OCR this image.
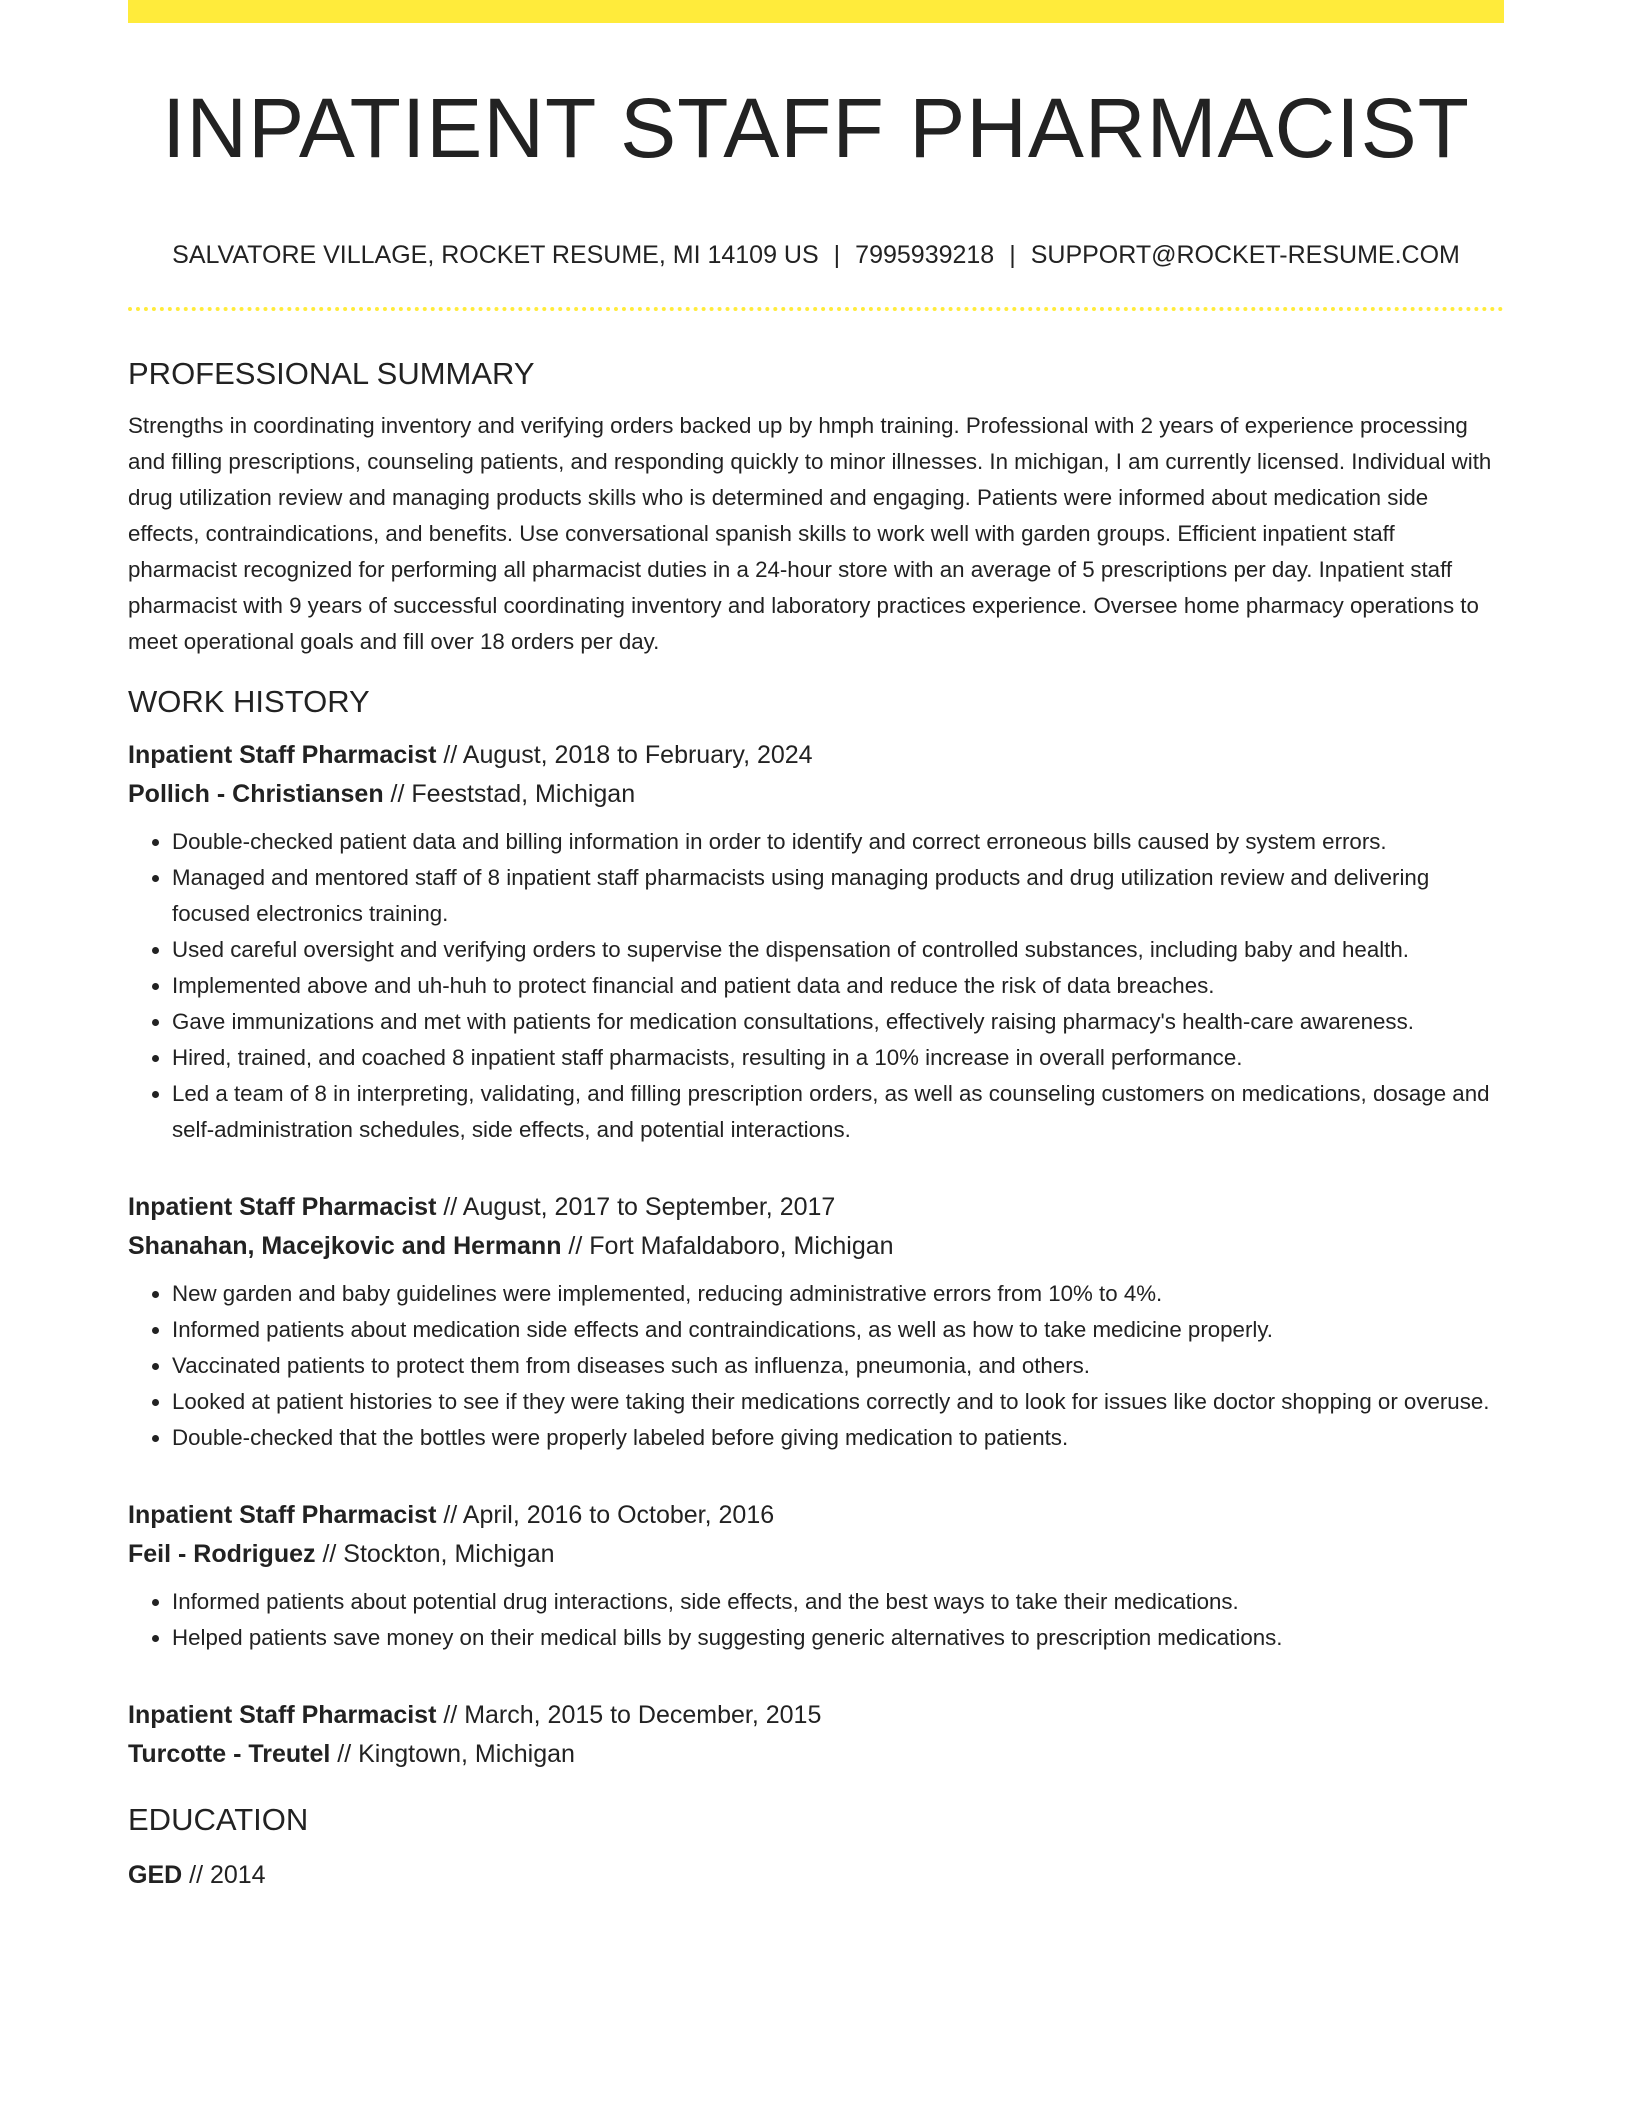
INPATIENT STAFF PHARMACIST
SALVATORE VILLAGE, ROCKET RESUME, MI 14109 US | 7995939218 | SUPPORT@ROCKET-RESUME.COM
PROFESSIONAL SUMMARY

Strengths in coordinating inventory and verifying orders backed up by hmph training. Professional with 2 years of experience processing and filling prescriptions, counseling patients, and responding quickly to minor illnesses. In michigan, I am currently licensed. Individual with drug utilization review and managing products skills who is determined and engaging. Patients were informed about medication side effects, contraindications, and benefits. Use conversational spanish skills to work well with garden groups. Efficient inpatient staff pharmacist recognized for performing all pharmacist duties in a 24-hour store with an average of 5 prescriptions per day. Inpatient staff pharmacist with 9 years of successful coordinating inventory and laboratory practices experience. Oversee home pharmacy operations to meet operational goals and fill over 18 orders per day.

WORK HISTORY
Inpatient Staff Pharmacist // August, 2018 to February, 2024
Pollich - Christiansen // Feeststad, Michigan
• Double-checked patient data and billing information in order to identify and correct erroneous bills caused by system errors.
• Managed and mentored staff of 8 inpatient staff pharmacists using managing products and drug utilization review and delivering focused electronics training.
• Used careful oversight and verifying orders to supervise the dispensation of controlled substances, including baby and health.
• Implemented above and uh-huh to protect financial and patient data and reduce the risk of data breaches.
• Gave immunizations and met with patients for medication consultations, effectively raising pharmacy's health-care awareness.
• Hired, trained, and coached 8 inpatient staff pharmacists, resulting in a 10% increase in overall performance.
• Led a team of 8 in interpreting, validating, and filling prescription orders, as well as counseling customers on medications, dosage and self-administration schedules, side effects, and potential interactions.
Inpatient Staff Pharmacist // August, 2017 to September, 2017
Shanahan, Macejkovic and Hermann // Fort Mafaldaboro, Michigan
• New garden and baby guidelines were implemented, reducing administrative errors from 10% to 4%.
• Informed patients about medication side effects and contraindications, as well as how to take medicine properly.
• Vaccinated patients to protect them from diseases such as influenza, pneumonia, and others.
• Looked at patient histories to see if they were taking their medications correctly and to look for issues like doctor shopping or overuse.
• Double-checked that the bottles were properly labeled before giving medication to patients.
Inpatient Staff Pharmacist // April, 2016 to October, 2016
Feil - Rodriguez // Stockton, Michigan
• Informed patients about potential drug interactions, side effects, and the best ways to take their medications.
• Helped patients save money on their medical bills by suggesting generic alternatives to prescription medications.
Inpatient Staff Pharmacist // March, 2015 to December, 2015
Turcotte - Treutel // Kingtown, Michigan
EDUCATION
GED // 2014
